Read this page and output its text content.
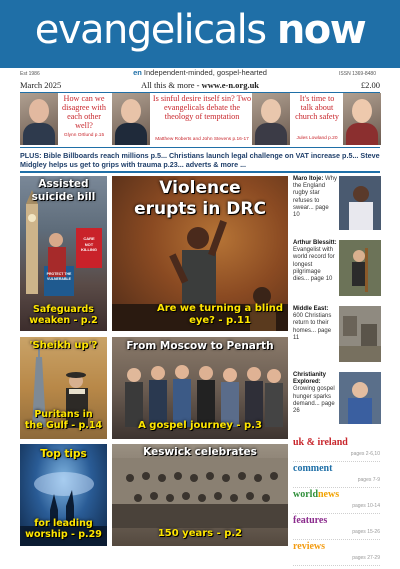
evangelicals now
Est 1986	ISSN 1369-8480
en Independent-minded, gospel-hearted
March 2025	All this & more - www.e-n.org.uk	£2.00
How can we disagree with each other well?
Glynn Ortlund p.15
Is sinful desire itself sin? Two evangelicals debate the theology of temptation
Matthew Roberts and John Stevens p.16-17
It's time to talk about church safety
Jules Lowland p.20
PLUS: Bible Billboards reach millions p.5... Christians launch legal challenge on VAT increase p.5... Steve Midgley helps us get to grips with trauma p.23... adverts & more ...
CARE
NOT KILLING
PROTECT THE VULNERABLE
Assisted suicide bill
Safeguards weaken - p.2
Violence erupts in DRC
Are we turning a blind eye? - p.11
'Sheikh up'?
Puritans in the Gulf - p.14
From Moscow to Penarth
A gospel journey - p.3
Top tips
for leading worship - p.29
Keswick celebrates
150 years - p.2
Maro Itoje: Why the England rugby star refuses to swear... page 10
Arthur Blessitt: Evangelist with world record for longest pilgrimage dies... page 10
Middle East: 600 Christians return to their homes... page 11
Christianity Explored: Growing gospel hunger sparks demand... page 26
uk & ireland
pages 2-6,10
comment
pages 7-9
worldnews
pages 10-14
features
pages 15-26
reviews
pages 27-29
